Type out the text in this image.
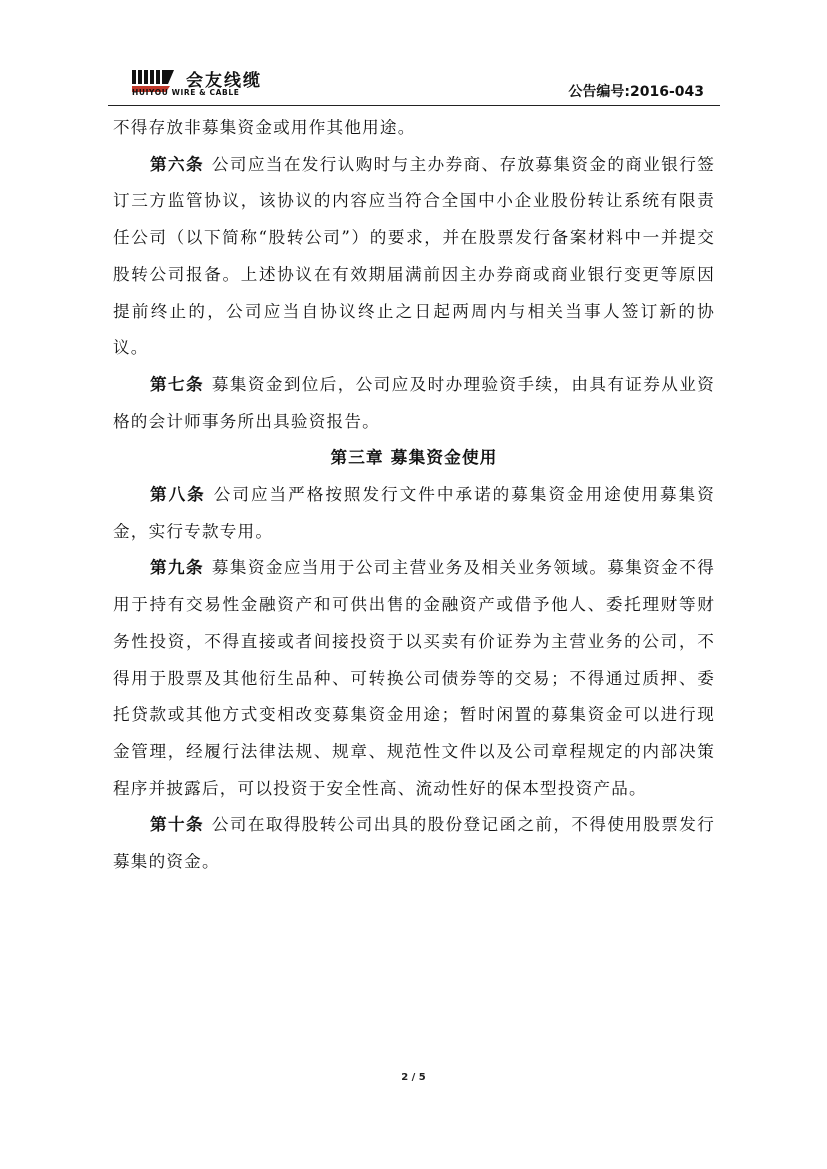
会友线缆
HUIYOU WIRE & CABLE	公告编号:2016-043

不得存放非募集资金或用作其他用途。

第六条 公司应当在发行认购时与主办券商、存放募集资金的商业银行签订三方监管协议，该协议的内容应当符合全国中小企业股份转让系统有限责任公司（以下简称“股转公司”）的要求，并在股票发行备案材料中一并提交股转公司报备。上述协议在有效期届满前因主办券商或商业银行变更等原因提前终止的，公司应当自协议终止之日起两周内与相关当事人签订新的协议。

第七条 募集资金到位后，公司应及时办理验资手续，由具有证券从业资格的会计师事务所出具验资报告。

第三章 募集资金使用

第八条 公司应当严格按照发行文件中承诺的募集资金用途使用募集资金，实行专款专用。

第九条 募集资金应当用于公司主营业务及相关业务领域。募集资金不得用于持有交易性金融资产和可供出售的金融资产或借予他人、委托理财等财务性投资，不得直接或者间接投资于以买卖有价证券为主营业务的公司，不得用于股票及其他衍生品种、可转换公司债券等的交易；不得通过质押、委托贷款或其他方式变相改变募集资金用途；暂时闲置的募集资金可以进行现金管理，经履行法律法规、规章、规范性文件以及公司章程规定的内部决策程序并披露后，可以投资于安全性高、流动性好的保本型投资产品。

第十条 公司在取得股转公司出具的股份登记函之前，不得使用股票发行募集的资金。

2 / 5
